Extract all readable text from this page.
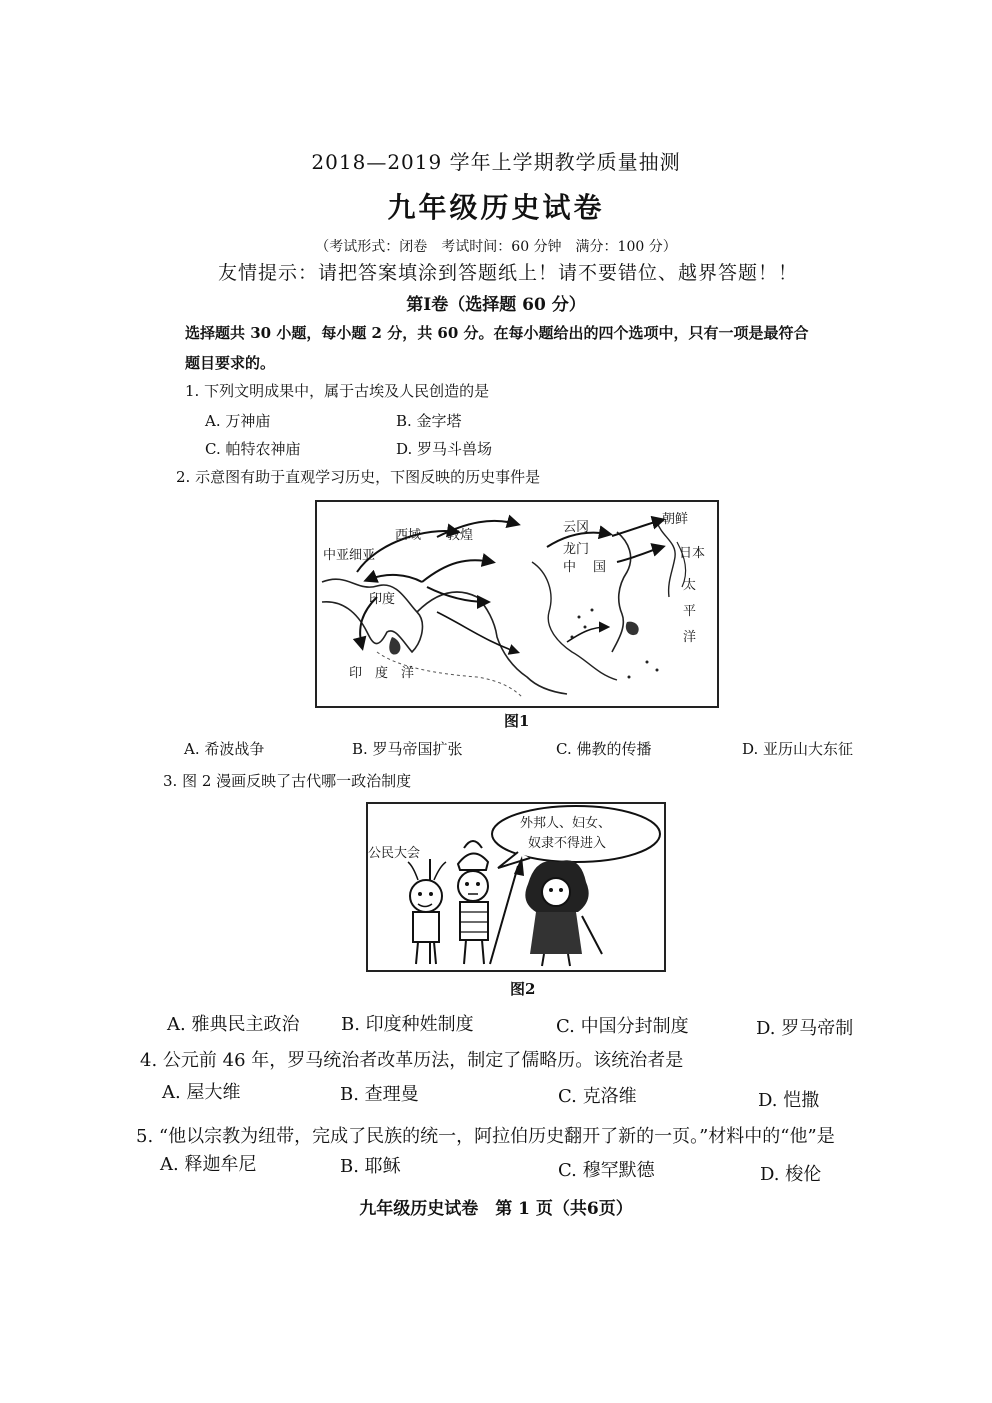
2018—2019 学年上学期教学质量抽测
九年级历史试卷
（考试形式：闭卷　考试时间：60 分钟　满分：100 分）
友情提示：请把答案填涂到答题纸上！请不要错位、越界答题！！
第Ⅰ卷（选择题 60 分）
选择题共 30 小题，每小题 2 分，共 60 分。在每小题给出的四个选项中，只有一项是最符合
题目要求的。
1. 下列文明成果中，属于古埃及人民创造的是
A. 万神庙	B. 金字塔
C. 帕特农神庙	D. 罗马斗兽场
2. 示意图有助于直观学习历史，下图反映的历史事件是
西域 敦煌
中亚细亚
印度
云冈
龙门
中 国
朝鲜
日本
太
平
洋
印　度　洋
图1
A. 希波战争	B. 罗马帝国扩张	C. 佛教的传播	D. 亚历山大东征
3. 图 2 漫画反映了古代哪一政治制度
公民大会
外邦人、妇女、
奴隶不得进入
图2
A. 雅典民主政治 B. 印度种姓制度	C. 中国分封制度	D. 罗马帝制
4. 公元前 46 年，罗马统治者改革历法，制定了儒略历。该统治者是
A. 屋大维	B. 查理曼	C. 克洛维	D. 恺撒
5. “他以宗教为纽带，完成了民族的统一，阿拉伯历史翻开了新的一页。”材料中的“他”是
A. 释迦牟尼	B. 耶稣	C. 穆罕默德	D. 梭伦
九年级历史试卷　第 1 页（共6页）
